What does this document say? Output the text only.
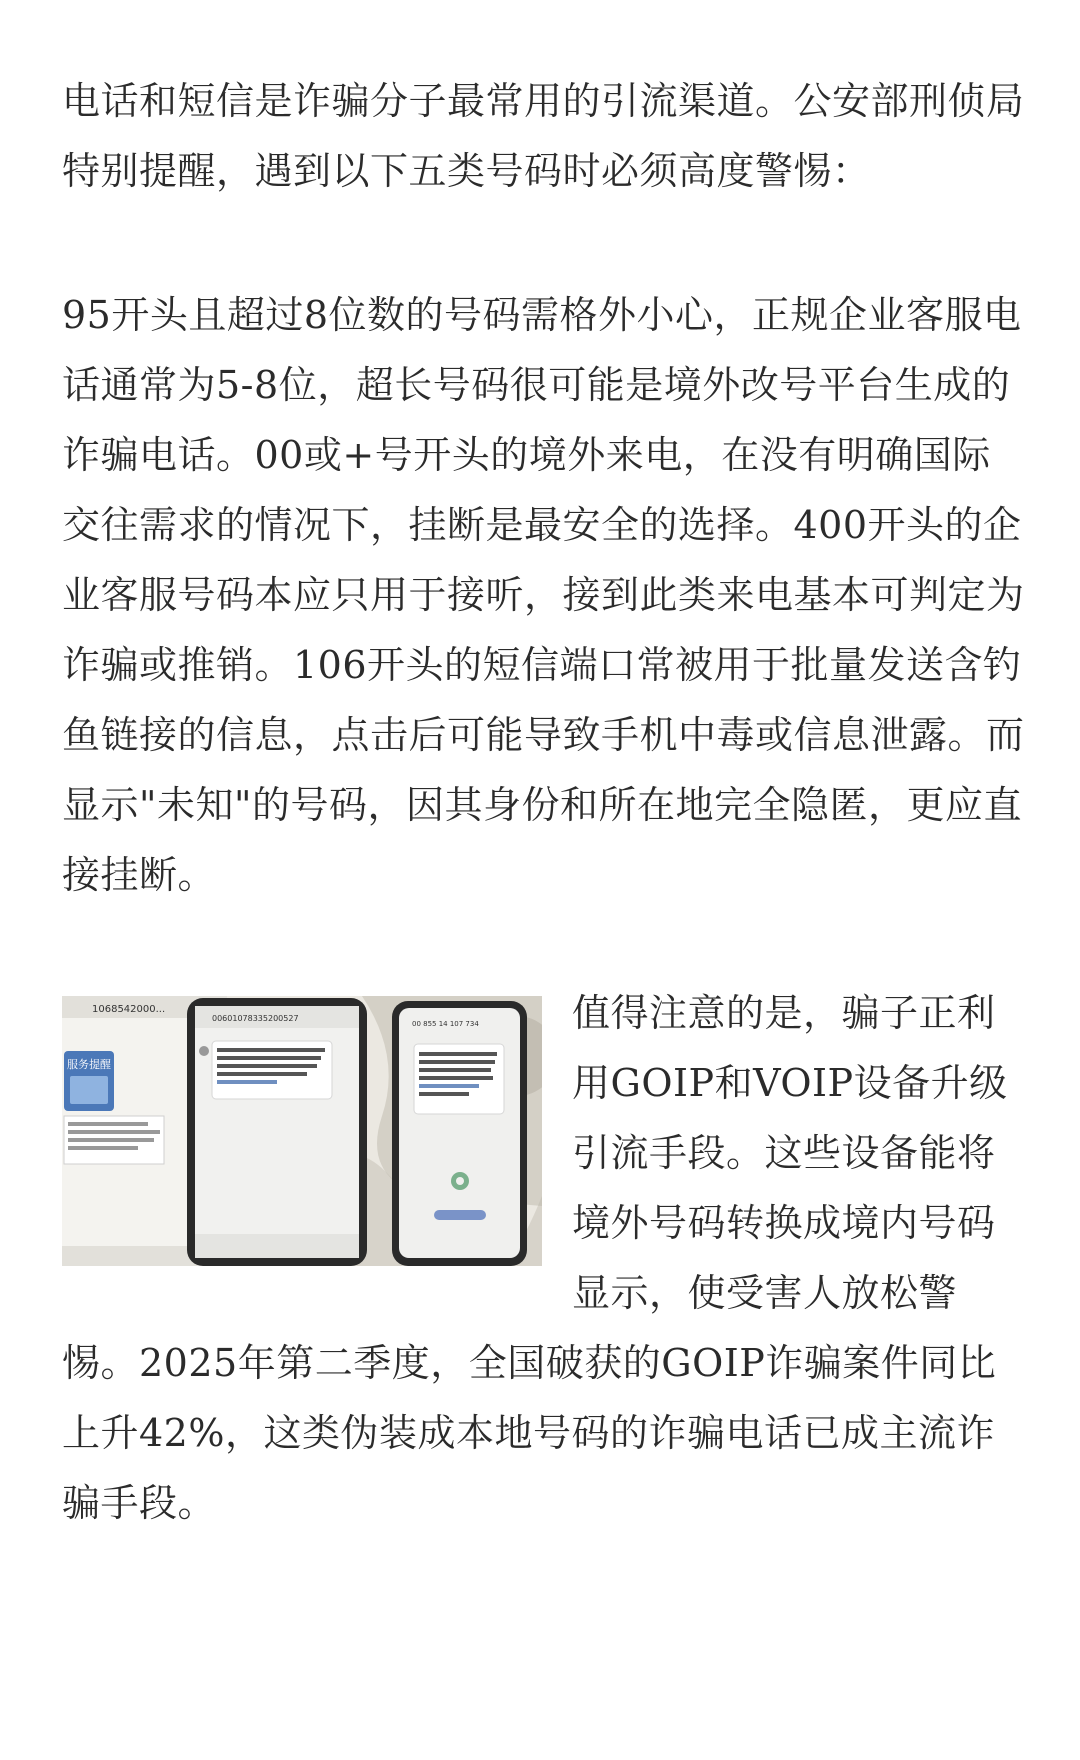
电话和短信是诈骗分子最常用的引流渠道。公安部刑侦局特别提醒，遇到以下五类号码时必须高度警惕：

95开头且超过8位数的号码需格外小心，正规企业客服电话通常为5-8位，超长号码很可能是境外改号平台生成的诈骗电话。00或+号开头的境外来电，在没有明确国际交往需求的情况下，挂断是最安全的选择。400开头的企业客服号码本应只用于接听，接到此类来电基本可判定为诈骗或推销。106开头的短信端口常被用于批量发送含钓鱼链接的信息，点击后可能导致手机中毒或信息泄露。而显示"未知"的号码，因其身份和所在地完全隐匿，更应直接挂断。

1068542000...
服务提醒
00601078335200527
00 855 14 107 734	值得注意的是，骗子正利用GOIP和VOIP设备升级引流手段。这些设备能将境外号码转换成境内号码显示，使受害人放松警惕。2025年第二季度，全国破获的GOIP诈骗案件同比上升42%，这类伪装成本地号码的诈骗电话已成主流诈骗手段。
